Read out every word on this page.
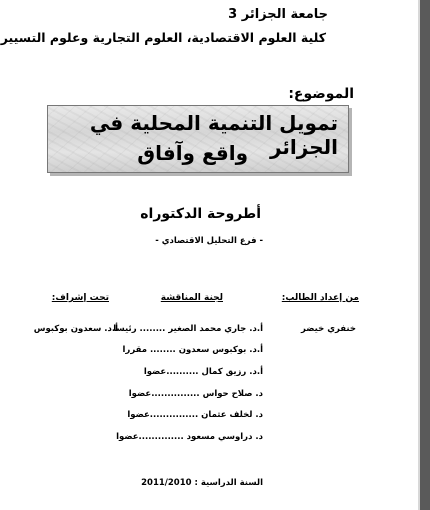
جامعة الجزائر 3
كلية العلوم الاقتصادية، العلوم التجارية وعلوم التسيير
الموضوع:
تمويل التنمية المحلية في الجزائر
واقع وآفاق
أطروحة الدكتوراه
- فرع التحليل الاقتصادي -
من إعداد الطالب:
لجنة المناقشة
تحت إشراف:
خنفري خيضر
أ.د. سعدون بوكبوس
أ.د. جاري محمد الصغير ........ رئيسا
أ.د. بوكبوس سعدون ........ مقررا
أ.د. رزيق كمال ..........عضوا
د. صلاح حواس ...............عضوا
د. لخلف عثمان ...............عضوا
د. دراوسي مسعود ..............عضوا
السنة الدراسية : 2011/2010
